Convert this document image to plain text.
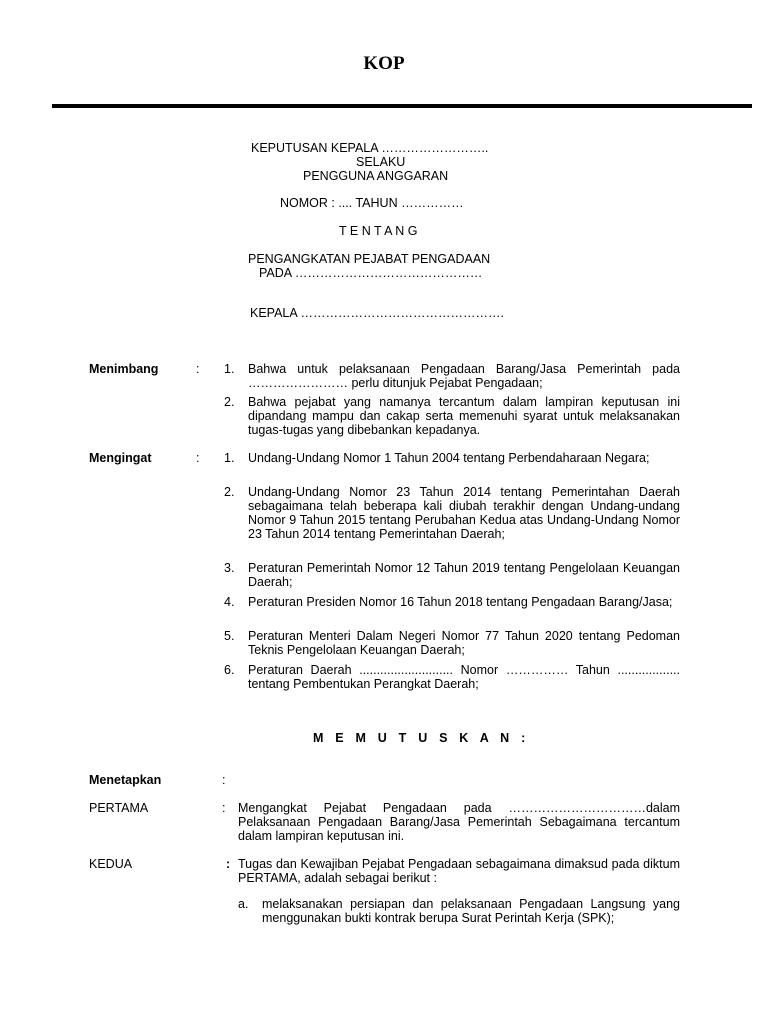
KOP
KEPUTUSAN KEPALA ……………………..
SELAKU
PENGGUNA ANGGARAN
NOMOR : .... TAHUN ……………
T E N T A N G
PENGANGKATAN PEJABAT PENGADAAN
PADA ………………………………………
KEPALA ………………………………………….
Menimbang	: 1. Bahwa untuk pelaksanaan Pengadaan Barang/Jasa Pemerintah pada …………………… perlu ditunjuk Pejabat Pengadaan;
2. Bahwa pejabat yang namanya tercantum dalam lampiran keputusan ini dipandang mampu dan cakap serta memenuhi syarat untuk melaksanakan tugas-tugas yang dibebankan kepadanya.
Mengingat	: 1. Undang-Undang Nomor 1 Tahun 2004 tentang Perbendaharaan Negara;
2. Undang-Undang Nomor 23 Tahun 2014 tentang Pemerintahan Daerah sebagaimana telah beberapa kali diubah terakhir dengan Undang-undang Nomor 9 Tahun 2015 tentang Perubahan Kedua atas Undang-Undang Nomor 23 Tahun 2014 tentang Pemerintahan Daerah;
3. Peraturan Pemerintah Nomor 12 Tahun 2019 tentang Pengelolaan Keuangan Daerah;
4. Peraturan Presiden Nomor 16 Tahun 2018 tentang Pengadaan Barang/Jasa;
5. Peraturan Menteri Dalam Negeri Nomor 77 Tahun 2020 tentang Pedoman Teknis Pengelolaan Keuangan Daerah;
6. Peraturan Daerah ........................... Nomor …………… Tahun .................. tentang Pembentukan Perangkat Daerah;
M E M U T U S K A N :
Menetapkan	:
PERTAMA	: Mengangkat Pejabat Pengadaan pada ……………………………dalam Pelaksanaan Pengadaan Barang/Jasa Pemerintah Sebagaimana tercantum dalam lampiran keputusan ini.
KEDUA	: Tugas dan Kewajiban Pejabat Pengadaan sebagaimana dimaksud pada diktum PERTAMA, adalah sebagai berikut :
a. melaksanakan persiapan dan pelaksanaan Pengadaan Langsung yang menggunakan bukti kontrak berupa Surat Perintah Kerja (SPK);
